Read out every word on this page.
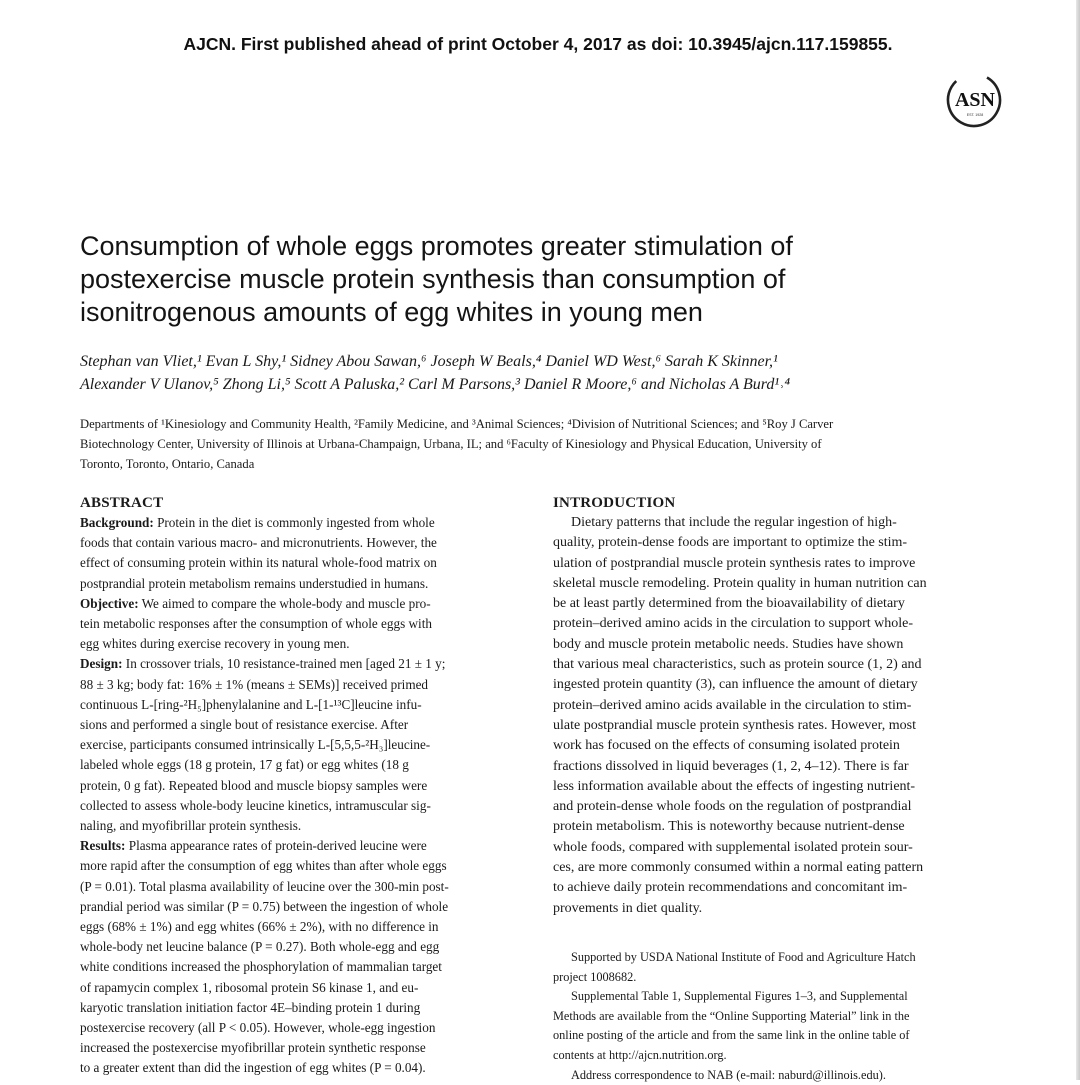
AJCN. First published ahead of print October 4, 2017 as doi: 10.3945/ajcn.117.159855.
ASN
EST. 1928
Consumption of whole eggs promotes greater stimulation of
postexercise muscle protein synthesis than consumption of
isonitrogenous amounts of egg whites in young men
Stephan van Vliet,¹ Evan L Shy,¹ Sidney Abou Sawan,⁶ Joseph W Beals,⁴ Daniel WD West,⁶ Sarah K Skinner,¹
Alexander V Ulanov,⁵ Zhong Li,⁵ Scott A Paluska,² Carl M Parsons,³ Daniel R Moore,⁶ and Nicholas A Burd¹˒⁴
Departments of ¹Kinesiology and Community Health, ²Family Medicine, and ³Animal Sciences; ⁴Division of Nutritional Sciences; and ⁵Roy J Carver
Biotechnology Center, University of Illinois at Urbana-Champaign, Urbana, IL; and ⁶Faculty of Kinesiology and Physical Education, University of
Toronto, Toronto, Ontario, Canada
ABSTRACT
Background: Protein in the diet is commonly ingested from whole
foods that contain various macro- and micronutrients. However, the
effect of consuming protein within its natural whole-food matrix on
postprandial protein metabolism remains understudied in humans.
Objective: We aimed to compare the whole-body and muscle pro-
tein metabolic responses after the consumption of whole eggs with
egg whites during exercise recovery in young men.
Design: In crossover trials, 10 resistance-trained men [aged 21 ± 1 y;
88 ± 3 kg; body fat: 16% ± 1% (means ± SEMs)] received primed
continuous L-[ring-²H₅]phenylalanine and L-[1-¹³C]leucine infu-
sions and performed a single bout of resistance exercise. After
exercise, participants consumed intrinsically L-[5,5,5-²H₃]leucine-
labeled whole eggs (18 g protein, 17 g fat) or egg whites (18 g
protein, 0 g fat). Repeated blood and muscle biopsy samples were
collected to assess whole-body leucine kinetics, intramuscular sig-
naling, and myofibrillar protein synthesis.
Results: Plasma appearance rates of protein-derived leucine were
more rapid after the consumption of egg whites than after whole eggs
(P = 0.01). Total plasma availability of leucine over the 300-min post-
prandial period was similar (P = 0.75) between the ingestion of whole
eggs (68% ± 1%) and egg whites (66% ± 2%), with no difference in
whole-body net leucine balance (P = 0.27). Both whole-egg and egg
white conditions increased the phosphorylation of mammalian target
of rapamycin complex 1, ribosomal protein S6 kinase 1, and eu-
karyotic translation initiation factor 4E–binding protein 1 during
postexercise recovery (all P < 0.05). However, whole-egg ingestion
increased the postexercise myofibrillar protein synthetic response
to a greater extent than did the ingestion of egg whites (P = 0.04).
INTRODUCTION
Dietary patterns that include the regular ingestion of high-
quality, protein-dense foods are important to optimize the stim-
ulation of postprandial muscle protein synthesis rates to improve
skeletal muscle remodeling. Protein quality in human nutrition can
be at least partly determined from the bioavailability of dietary
protein–derived amino acids in the circulation to support whole-
body and muscle protein metabolic needs. Studies have shown
that various meal characteristics, such as protein source (1, 2) and
ingested protein quantity (3), can influence the amount of dietary
protein–derived amino acids available in the circulation to stim-
ulate postprandial muscle protein synthesis rates. However, most
work has focused on the effects of consuming isolated protein
fractions dissolved in liquid beverages (1, 2, 4–12). There is far
less information available about the effects of ingesting nutrient-
and protein-dense whole foods on the regulation of postprandial
protein metabolism. This is noteworthy because nutrient-dense
whole foods, compared with supplemental isolated protein sour-
ces, are more commonly consumed within a normal eating pattern
to achieve daily protein recommendations and concomitant im-
provements in diet quality.
Supported by USDA National Institute of Food and Agriculture Hatch
project 1008682.
Supplemental Table 1, Supplemental Figures 1–3, and Supplemental
Methods are available from the “Online Supporting Material” link in the
online posting of the article and from the same link in the online table of
contents at http://ajcn.nutrition.org.
Address correspondence to NAB (e-mail: naburd@illinois.edu).
